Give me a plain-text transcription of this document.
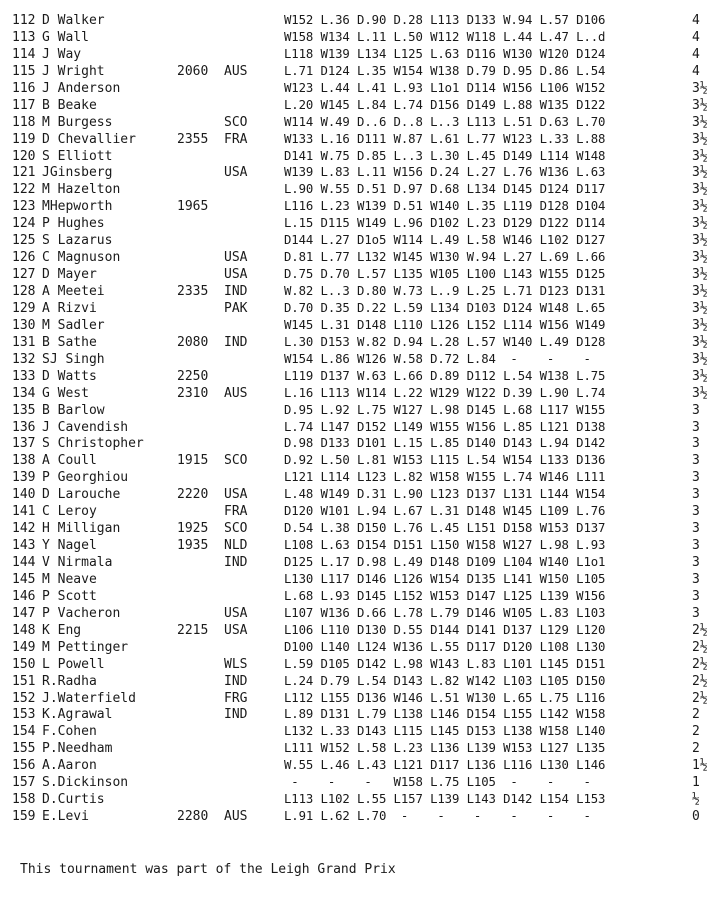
112 D Walker	W152 L.36 D.90 D.28 L113 D133 W.94 L.57 D106	4
113 G Wall	W158 W134 L.11 L.50 W112 W118 L.44 L.47 L..d	4
114 J Way	L118 W139 L134 L125 L.63 D116 W130 W120 D124	4
115 J Wright	2060 AUS	L.71 D124 L.35 W154 W138 D.79 D.95 D.86 L.54	4
116 J Anderson	W123 L.44 L.41 L.93 L1o1 D114 W156 L106 W152	3½
117 B Beake	L.20 W145 L.84 L.74 D156 D149 L.88 W135 D122	3½
118 M Burgess	SCO	W114 W.49 D..6 D..8 L..3 L113 L.51 D.63 L.70	3½
119 D Chevallier	2355 FRA	W133 L.16 D111 W.87 L.61 L.77 W123 L.33 L.88	3½
120 S Elliott	D141 W.75 D.85 L..3 L.30 L.45 D149 L114 W148	3½
121 JGinsberg	USA	W139 L.83 L.11 W156 D.24 L.27 L.76 W136 L.63	3½
122 M Hazelton	L.90 W.55 D.51 D.97 D.68 L134 D145 D124 D117	3½
123 MHepworth	1965	L116 L.23 W139 D.51 W140 L.35 L119 D128 D104	3½
124 P Hughes	L.15 D115 W149 L.96 D102 L.23 D129 D122 D114	3½
125 S Lazarus	D144 L.27 D1o5 W114 L.49 L.58 W146 L102 D127	3½
126 C Magnuson	USA	D.81 L.77 L132 W145 W130 W.94 L.27 L.69 L.66	3½
127 D Mayer	USA	D.75 D.70 L.57 L135 W105 L100 L143 W155 D125	3½
128 A Meetei	2335 IND	W.82 L..3 D.80 W.73 L..9 L.25 L.71 D123 D131	3½
129 A Rizvi	PAK	D.70 D.35 D.22 L.59 L134 D103 D124 W148 L.65	3½
130 M Sadler	W145 L.31 D148 L110 L126 L152 L114 W156 W149	3½
131 B Sathe	2080 IND	L.30 D153 W.82 D.94 L.28 L.57 W140 L.49 D128	3½
132 SJ Singh	W154 L.86 W126 W.58 D.72 L.84  -    -    -	3½
133 D Watts	2250	L119 D137 W.63 L.66 D.89 D112 L.54 W138 L.75	3½
134 G West	2310 AUS	L.16 L113 W114 L.22 W129 W122 D.39 L.90 L.74	3½
135 B Barlow	D.95 L.92 L.75 W127 L.98 D145 L.68 L117 W155	3
136 J Cavendish	L.74 L147 D152 L149 W155 W156 L.85 L121 D138	3
137 S Christopher	D.98 D133 D101 L.15 L.85 D140 D143 L.94 D142	3
138 A Coull	1915 SCO	D.92 L.50 L.81 W153 L115 L.54 W154 L133 D136	3
139 P Georghiou	L121 L114 L123 L.82 W158 W155 L.74 W146 L111	3
140 D Larouche	2220 USA	L.48 W149 D.31 L.90 L123 D137 L131 L144 W154	3
141 C Leroy	FRA	D120 W101 L.94 L.67 L.31 D148 W145 L109 L.76	3
142 H Milligan	1925 SCO	D.54 L.38 D150 L.76 L.45 L151 D158 W153 D137	3
143 Y Nagel	1935 NLD	L108 L.63 D154 D151 L150 W158 W127 L.98 L.93	3
144 V Nirmala	IND	D125 L.17 D.98 L.49 D148 D109 L104 W140 L1o1	3
145 M Neave	L130 L117 D146 L126 W154 D135 L141 W150 L105	3
146 P Scott	L.68 L.93 D145 L152 W153 D147 L125 L139 W156	3
147 P Vacheron	USA	L107 W136 D.66 L.78 L.79 D146 W105 L.83 L103	3
148 K Eng	2215 USA	L106 L110 D130 D.55 D144 D141 D137 L129 L120	2½
149 M Pettinger	D100 L140 L124 W136 L.55 D117 D120 L108 L130	2½
150 L Powell	WLS	L.59 D105 D142 L.98 W143 L.83 L101 L145 D151	2½
151 R.Radha	IND	L.24 D.79 L.54 D143 L.82 W142 L103 L105 D150	2½
152 J.Waterfield	FRG	L112 L155 D136 W146 L.51 W130 L.65 L.75 L116	2½
153 K.Agrawal	IND	L.89 D131 L.79 L138 L146 D154 L155 L142 W158	2
154 F.Cohen	L132 L.33 D143 L115 L145 D153 L138 W158 L140	2
155 P.Needham	L111 W152 L.58 L.23 L136 L139 W153 L127 L135	2
156 A.Aaron	W.55 L.46 L.43 L121 D117 L136 L116 L130 L146	1½
157 S.Dickinson	-    -    -   W158 L.75 L105  -    -    -	1
158 D.Curtis	L113 L102 L.55 L157 L139 L143 D142 L154 L153	½
159 E.Levi	2280 AUS	L.91 L.62 L.70  -    -    -    -    -    -	0
This tournament was part of the Leigh Grand Prix
